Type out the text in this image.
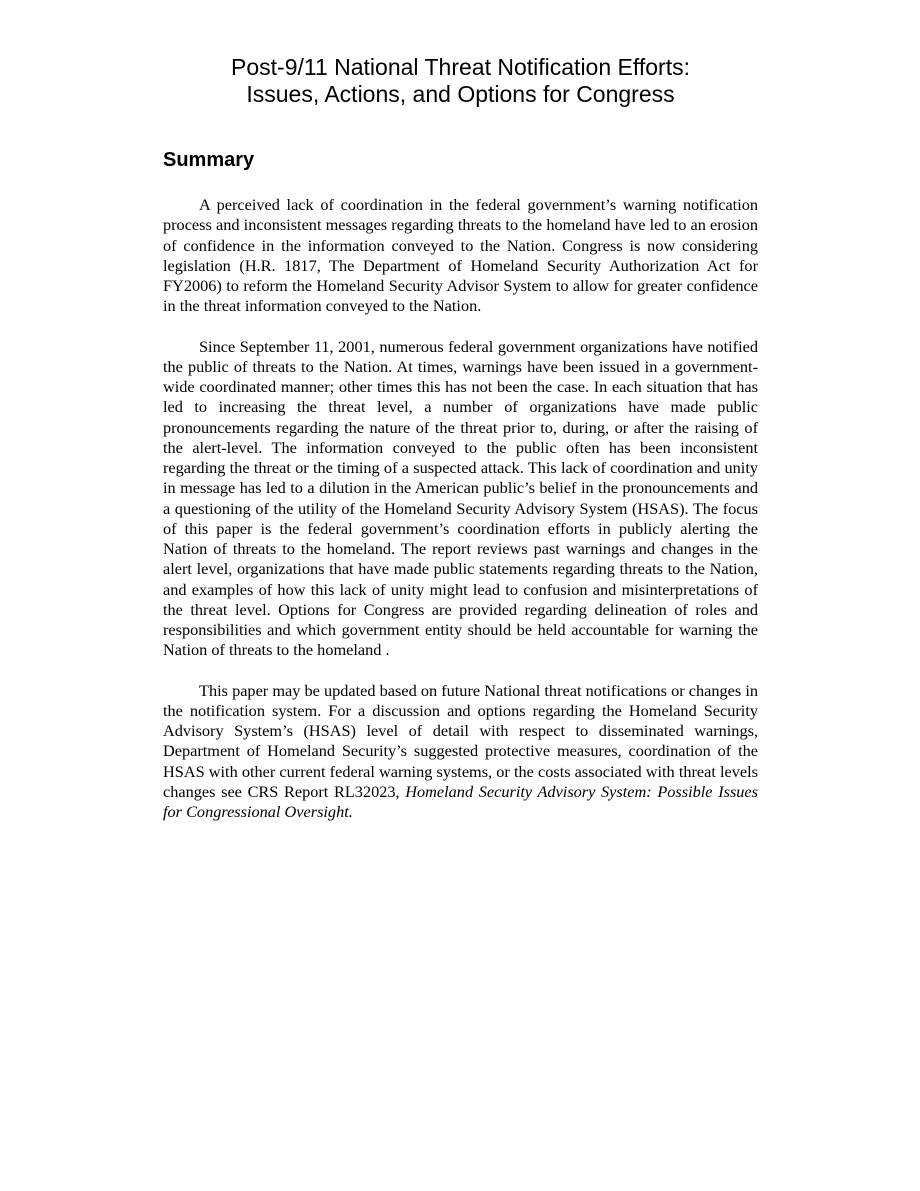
Post-9/11 National Threat Notification Efforts:
Issues, Actions, and Options for Congress
Summary

A perceived lack of coordination in the federal government’s warning notification process and inconsistent messages regarding threats to the homeland have led to an erosion of confidence in the information conveyed to the Nation. Congress is now considering legislation (H.R. 1817, The Department of Homeland Security Authorization Act for FY2006) to reform the Homeland Security Advisor System to allow for greater confidence in the threat information conveyed to the Nation.

Since September 11, 2001, numerous federal government organizations have notified the public of threats to the Nation. At times, warnings have been issued in a government-wide coordinated manner; other times this has not been the case. In each situation that has led to increasing the threat level, a number of organizations have made public pronouncements regarding the nature of the threat prior to, during, or after the raising of the alert-level. The information conveyed to the public often has been inconsistent regarding the threat or the timing of a suspected attack. This lack of coordination and unity in message has led to a dilution in the American public’s belief in the pronouncements and a questioning of the utility of the Homeland Security Advisory System (HSAS). The focus of this paper is the federal government’s coordination efforts in publicly alerting the Nation of threats to the homeland. The report reviews past warnings and changes in the alert level, organizations that have made public statements regarding threats to the Nation, and examples of how this lack of unity might lead to confusion and misinterpretations of the threat level. Options for Congress are provided regarding delineation of roles and responsibilities and which government entity should be held accountable for warning the Nation of threats to the homeland .

This paper may be updated based on future National threat notifications or changes in the notification system. For a discussion and options regarding the Homeland Security Advisory System’s (HSAS) level of detail with respect to disseminated warnings, Department of Homeland Security’s suggested protective measures, coordination of the HSAS with other current federal warning systems, or the costs associated with threat levels changes see CRS Report RL32023, Homeland Security Advisory System: Possible Issues for Congressional Oversight.
